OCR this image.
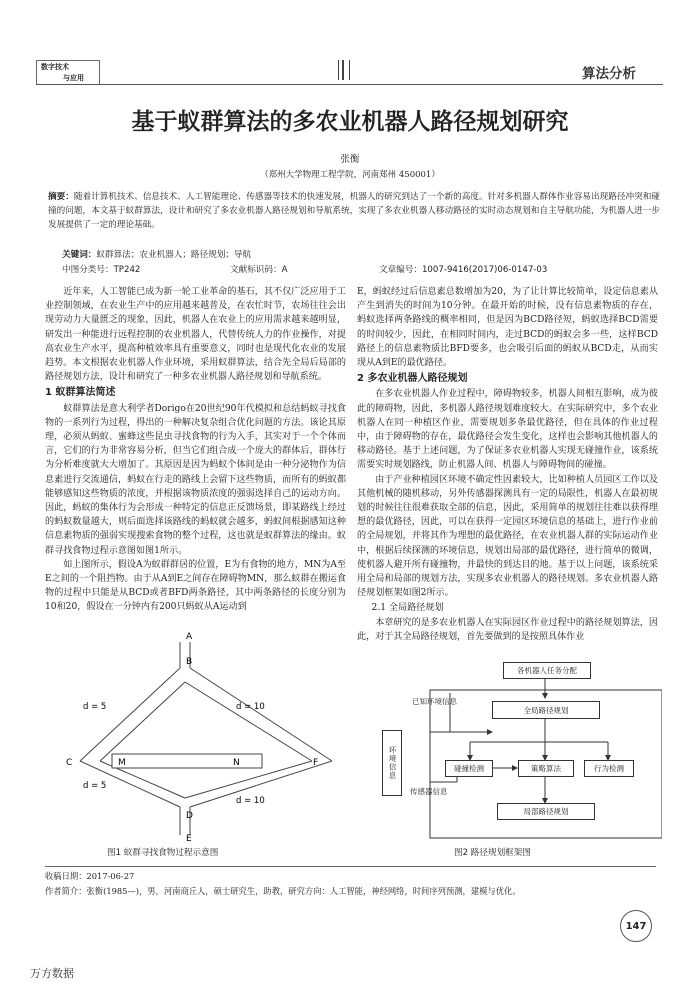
数字技术
与应用	算法分析
基于蚁群算法的多农业机器人路径规划研究
张衡
（郑州大学物理工程学院，河南郑州 450001）
摘要：随着计算机技术、信息技术、人工智能理论、传感器等技术的快速发展，机器人的研究到达了一个新的高度。针对多机器人群体作业容易出现路径冲突和碰撞的问题，本文基于蚁群算法，设计和研究了多农业机器人路径规划和导航系统，实现了多农业机器人移动路径的实时动态规划和自主导航功能，为机器人进一步发展提供了一定的理论基础。
关键词：蚁群算法；农业机器人；路径规划；导航
中图分类号：TP242	文献标识码：A	文章编号：1007-9416(2017)06-0147-03

近年来，人工智能已成为新一轮工业革命的基石，其不仅广泛应用于工业控制领域，在农业生产中的应用越来越普及，在农忙时节，农场往往会出现劳动力大量匮乏的现象，因此，机器人在农业上的应用需求越来越明显，研发出一种能进行远程控制的农业机器人，代替传统人力的作业操作，对提高农业生产水平，提高种植效率具有重要意义，同时也是现代化农业的发展趋势。本文根据农业机器人作业环境，采用蚁群算法，结合先全局后局部的路径规划方法，设计和研究了一种多农业机器人路径规划和导航系统。

1 蚁群算法简述

蚁群算法是意大利学者Dorigo在20世纪90年代模拟和总结蚂蚁寻找食物的一系列行为过程，得出的一种解决复杂组合优化问题的方法。该论其原理，必须从蚂蚁、蜜蜂这些昆虫寻找食物的行为入手，其实对于一个个体而言，它们的行为非常容易分析，但当它们组合成一个庞大的群体后，群体行为分析难度就大大增加了。其原因是因为蚂蚁个体间是由一种分泌物作为信息素进行交流通信，蚂蚁在行走的路线上会留下这些物质，而所有的蚂蚁都能够感知这些物质的浓度，并根据该物质浓度的强弱选择自己的运动方向。因此，蚂蚁的集体行为会形成一种特定的信息正反馈场景，即某路线上经过的蚂蚁数量越大，则后面选择该路线的蚂蚁就会越多，蚂蚁间根据感知这种信息素物质的强弱实现搜索食物的整个过程，这也就是蚁群算法的缘由。蚁群寻找食物过程示意图如图1所示。

如上图所示，假设A为蚁群群居的位置，E为有食物的地方，MN为A至E之间的一个阻挡物。由于从A到E之间存在障碍物MN，那么蚁群在搬运食物的过程中只能是从BCD或者BFD两条路径，其中两条路径的长度分别为10和20，假设在一分钟内有200只蚂蚁从A运动到

A
B
C	F
M	N
D
E
d = 5	d = 10
d = 5
d = 10
图1 蚁群寻找食物过程示意图

E，蚂蚁经过后信息素总数增加为20，为了让计算比较简单，设定信息素从产生到消失的时间为10分钟。在最开始的时候，没有信息素物质的存在，蚂蚁选择两条路线的概率相同，但是因为BCD路径短，蚂蚁选择BCD需要的时间较少，因此，在相同时间内，走过BCD的蚂蚁会多一些，这样BCD路径上的信息素物质比BFD要多，也会吸引后面的蚂蚁从BCD走，从而实现从A到E的最优路径。

2 多农业机器人路径规划

在多农业机器人作业过程中，障碍物较多，机器人间相互影响，成为彼此的障碍物，因此，多机器人路径规划难度较大。在实际研究中，多个农业机器人在同一种植区作业，需要规划多条最优路径，但在具体的作业过程中，由于障碍物的存在，最优路径会发生变化，这样也会影响其他机器人的移动路径。基于上述问题，为了保证多农业机器人实现无碰撞作业，该系统需要实时规划路线，防止机器人间、机器人与障碍物间的碰撞。

由于产业种植园区环境不确定性因素较大，比如种植人员园区工作以及其他机械的随机移动，另外传感器探测具有一定的局限性，机器人在最初规划的时候往往很难获取全部的信息，因此，采用简单的规划往往难以获得理想的最优路径，因此，可以在获得一定园区环境信息的基础上，进行作业前的全局规划，并将其作为理想的最优路径，在农业机器人群的实际运动作业中，根据后续探测的环境信息，规划出局部的最优路径，进行简单的微调，使机器人避开所有碰撞物，并最快的到达目的地。基于以上问题，该系统采用全局和局部的规划方法，实现多农业机器人的路径规划。多农业机器人路径规划框架如图2所示。

2.1 全局路径规划

本章研究的是多农业机器人在实际园区作业过程中的路径规划算法，因此，对于其全局路径规划，首先要做到的是按照具体作业

各机器人任务分配
已知环境信息
全局路径规划
环境信息	碰撞检测	策略算法	行为检测
传感器信息
局部路径规划
图2 路径规划框架图
收稿日期：2017-06-27
作者简介：张衡(1985—)，男，河南商丘人，硕士研究生，助教，研究方向：人工智能，神经网络，时间序列预测，建模与优化。
147
万方数据
